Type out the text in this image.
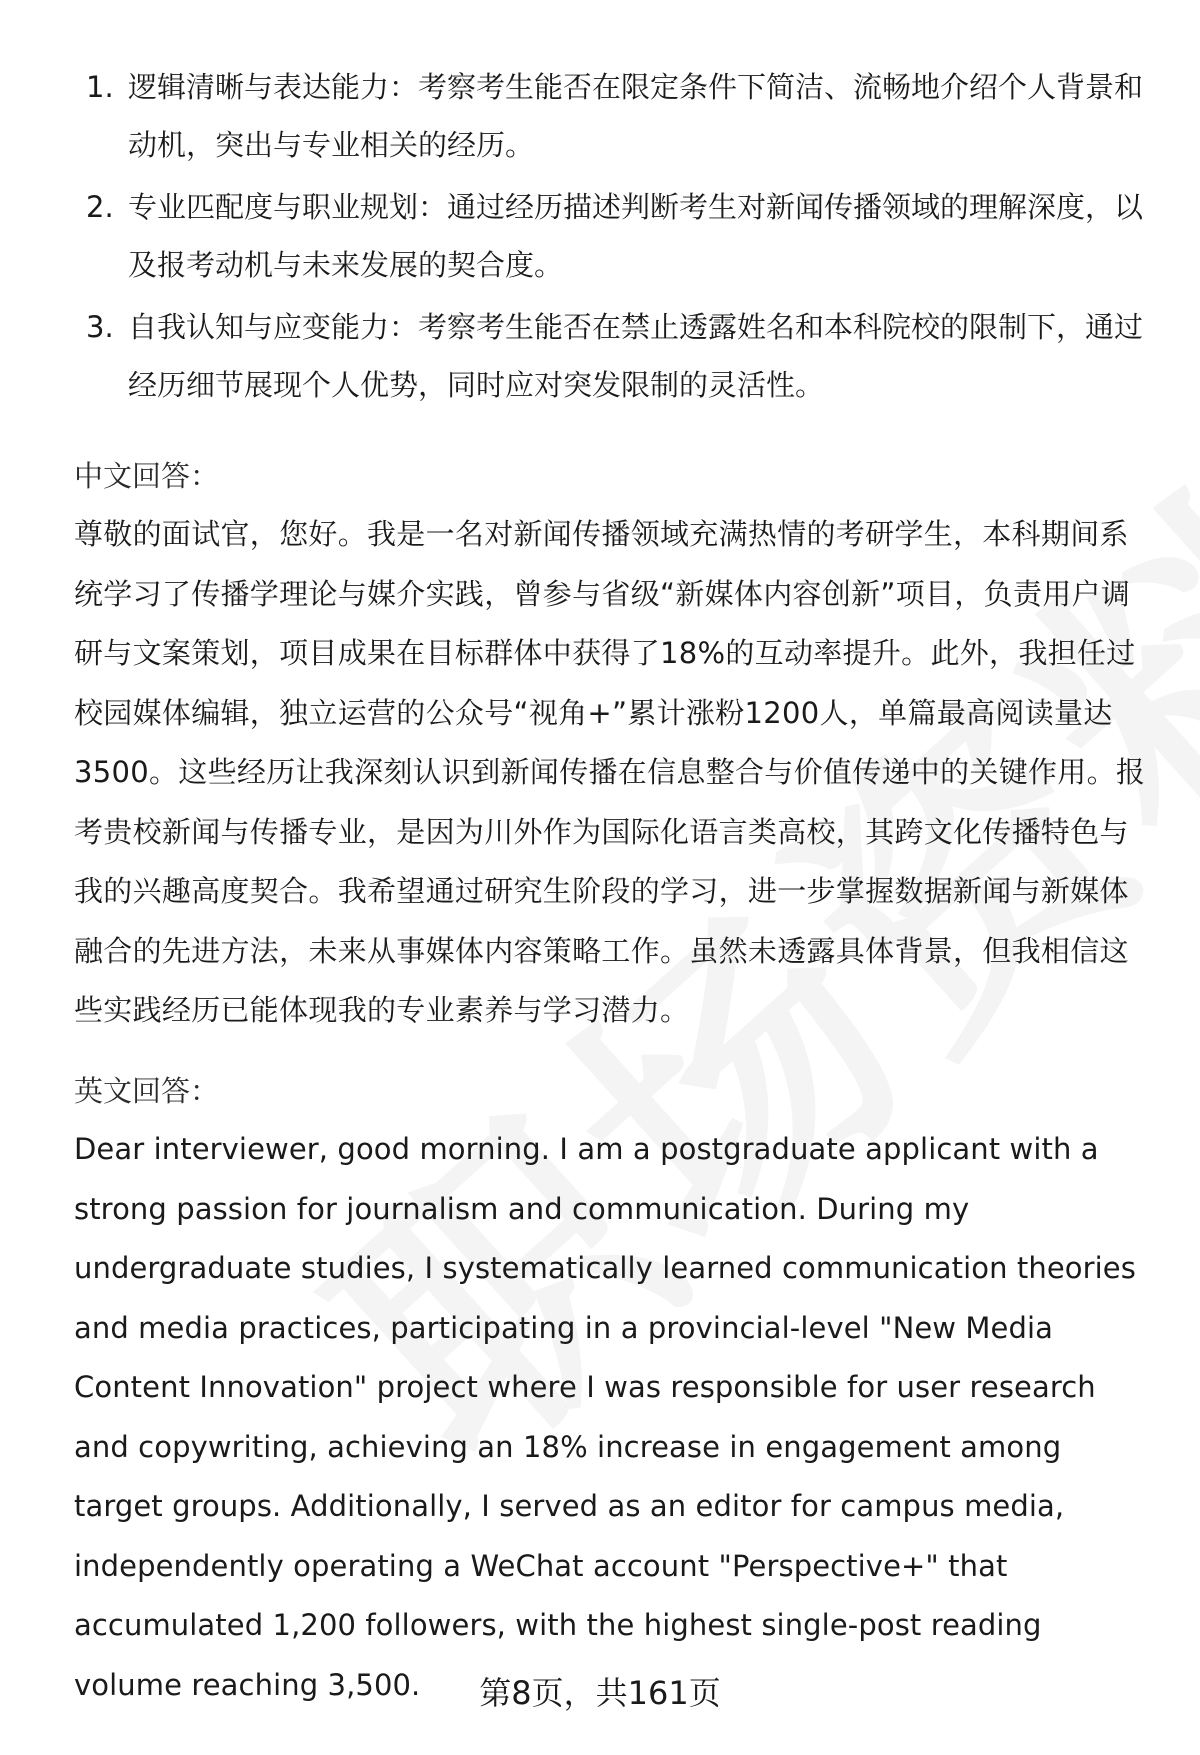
1. 逻辑清晰与表达能力：考察考生能否在限定条件下简洁、流畅地介绍个人背景和动机，突出与专业相关的经历。
2. 专业匹配度与职业规划：通过经历描述判断考生对新闻传播领域的理解深度，以及报考动机与未来发展的契合度。
3. 自我认知与应变能力：考察考生能否在禁止透露姓名和本科院校的限制下，通过经历细节展现个人优势，同时应对突发限制的灵活性。
中文回答：
尊敬的面试官，您好。我是一名对新闻传播领域充满热情的考研学生，本科期间系统学习了传播学理论与媒介实践，曾参与省级“新媒体内容创新”项目，负责用户调研与文案策划，项目成果在目标群体中获得了18%的互动率提升。此外，我担任过校园媒体编辑，独立运营的公众号“视角+”累计涨粉1200人，单篇最高阅读量达3500。这些经历让我深刻认识到新闻传播在信息整合与价值传递中的关键作用。报考贵校新闻与传播专业，是因为川外作为国际化语言类高校，其跨文化传播特色与我的兴趣高度契合。我希望通过研究生阶段的学习，进一步掌握数据新闻与新媒体融合的先进方法，未来从事媒体内容策略工作。虽然未透露具体背景，但我相信这些实践经历已能体现我的专业素养与学习潜力。
英文回答：
Dear interviewer, good morning. I am a postgraduate applicant with a strong passion for journalism and communication. During my undergraduate studies, I systematically learned communication theories and media practices, participating in a provincial-level "New Media Content Innovation" project where I was responsible for user research and copywriting, achieving an 18% increase in engagement among target groups. Additionally, I served as an editor for campus media, independently operating a WeChat account "Perspective+" that accumulated 1,200 followers, with the highest single-post reading volume reaching 3,500.	第8页，共161页
